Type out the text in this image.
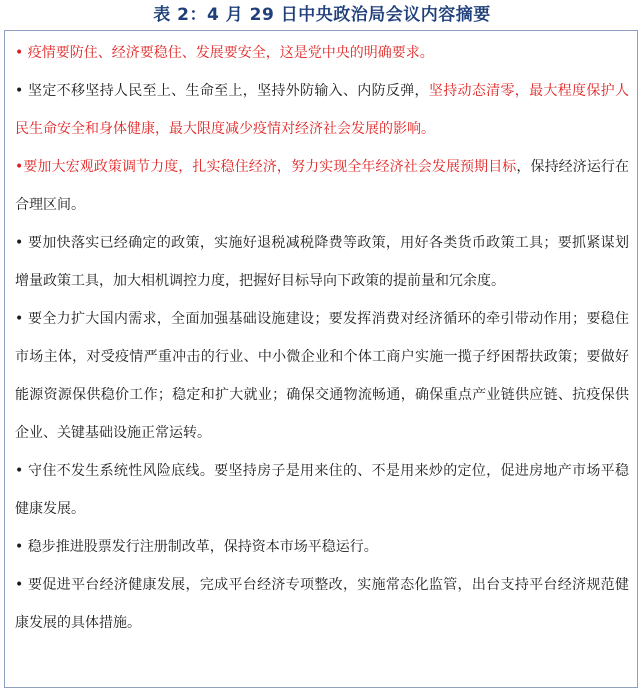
表 2：4 月 29 日中央政治局会议内容摘要

• 疫情要防住、经济要稳住、发展要安全，这是党中央的明确要求。

• 坚定不移坚持人民至上、生命至上，坚持外防输入、内防反弹，坚持动态清零，最大程度保护人民生命安全和身体健康，最大限度减少疫情对经济社会发展的影响。

•要加大宏观政策调节力度，扎实稳住经济，努力实现全年经济社会发展预期目标，保持经济运行在合理区间。

• 要加快落实已经确定的政策，实施好退税减税降费等政策，用好各类货币政策工具；要抓紧谋划增量政策工具，加大相机调控力度，把握好目标导向下政策的提前量和冗余度。

• 要全力扩大国内需求，全面加强基础设施建设；要发挥消费对经济循环的牵引带动作用；要稳住市场主体，对受疫情严重冲击的行业、中小微企业和个体工商户实施一揽子纾困帮扶政策；要做好能源资源保供稳价工作；稳定和扩大就业；确保交通物流畅通，确保重点产业链供应链、抗疫保供企业、关键基础设施正常运转。

• 守住不发生系统性风险底线。要坚持房子是用来住的、不是用来炒的定位，促进房地产市场平稳健康发展。

• 稳步推进股票发行注册制改革，保持资本市场平稳运行。

• 要促进平台经济健康发展，完成平台经济专项整改，实施常态化监管，出台支持平台经济规范健康发展的具体措施。
